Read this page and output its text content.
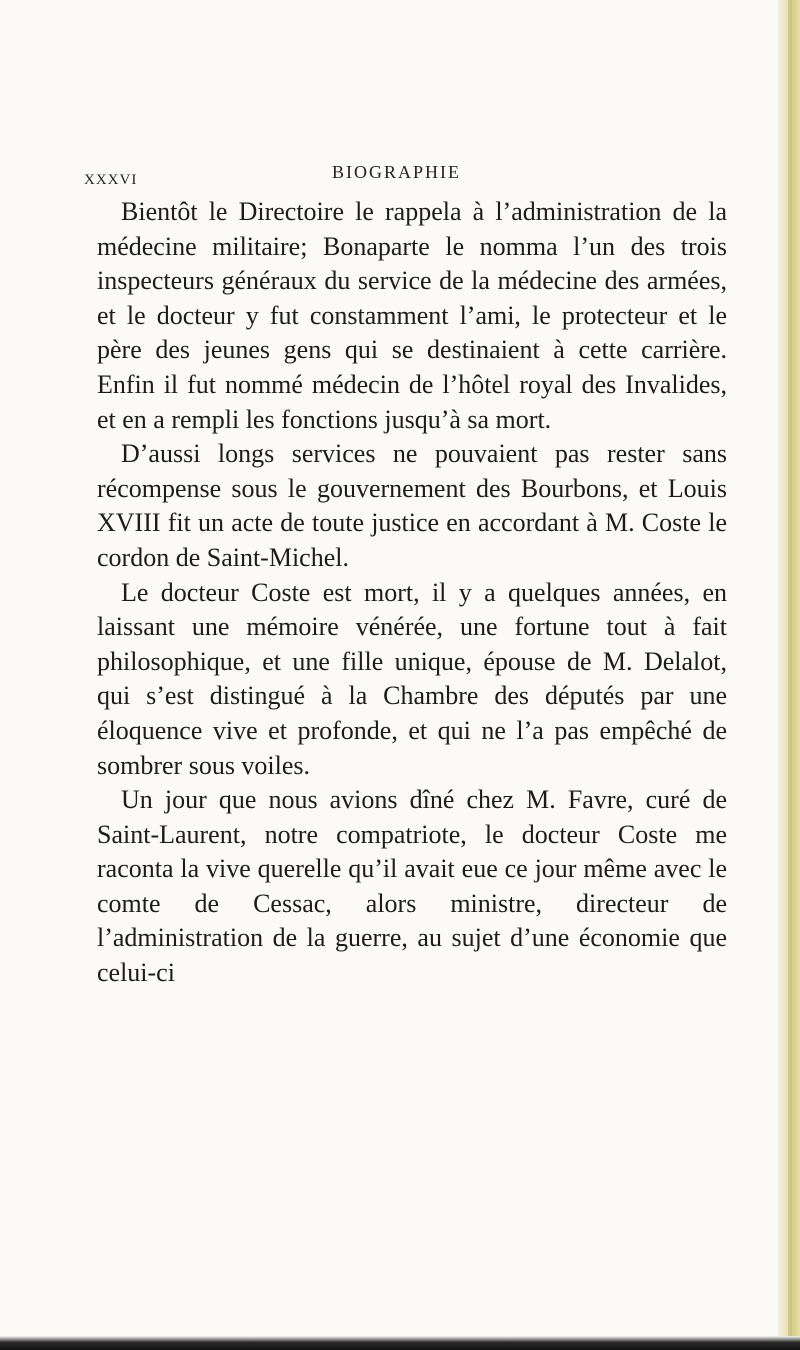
XXXVI	BIOGRAPHIE

Bientôt le Directoire le rappela à l’administration de la médecine militaire; Bonaparte le nomma l’un des trois inspecteurs généraux du service de la médecine des armées, et le docteur y fut constamment l’ami, le protecteur et le père des jeunes gens qui se destinaient à cette carrière. Enfin il fut nommé médecin de l’hôtel royal des Invalides, et en a rempli les fonctions jusqu’à sa mort.

D’aussi longs services ne pouvaient pas rester sans récompense sous le gouvernement des Bourbons, et Louis XVIII fit un acte de toute justice en accordant à M. Coste le cordon de Saint-Michel.

Le docteur Coste est mort, il y a quelques années, en laissant une mémoire vénérée, une fortune tout à fait philosophique, et une fille unique, épouse de M. Delalot, qui s’est distingué à la Chambre des députés par une éloquence vive et profonde, et qui ne l’a pas empêché de sombrer sous voiles.

Un jour que nous avions dîné chez M. Favre, curé de Saint-Laurent, notre compatriote, le docteur Coste me raconta la vive querelle qu’il avait eue ce jour même avec le comte de Cessac, alors ministre, directeur de l’administration de la guerre, au sujet d’une économie que celui-ci
